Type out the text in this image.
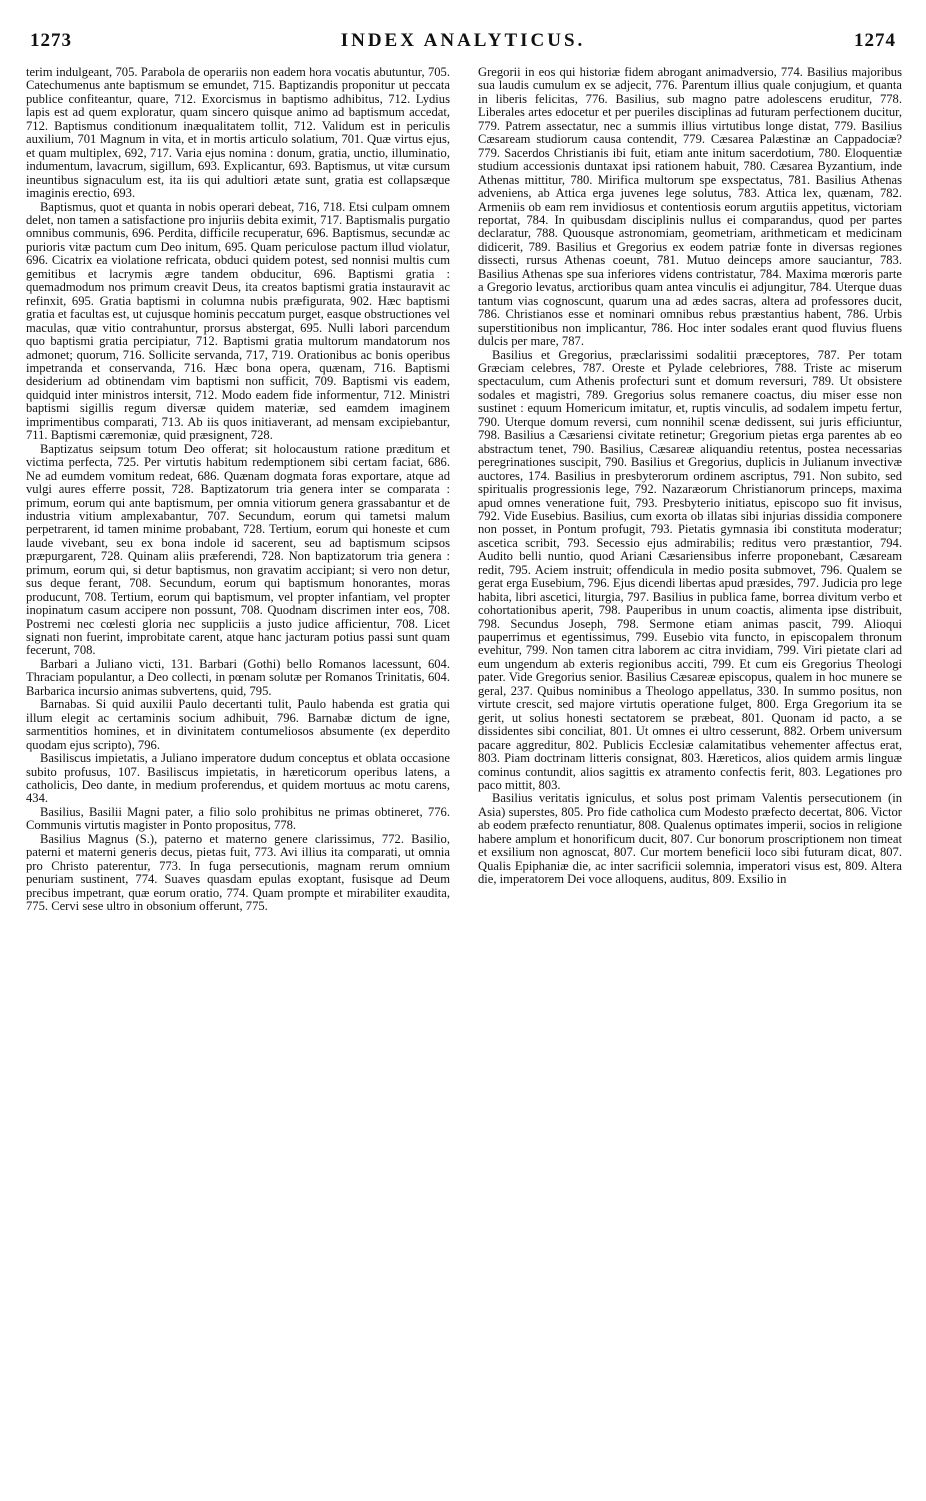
1273	INDEX ANALYTICUS.	1274

terim indulgeant, 705. Parabola de operariis non eadem hora vocatis abutuntur, 705. Catechumenus ante baptismum se emundet, 715. Baptizandis proponitur ut peccata publice confiteantur, quare, 712. Exorcismus in baptismo adhibitus, 712. Lydius lapis est ad quem exploratur, quam sincero quisque animo ad baptismum accedat, 712. Baptismus conditionum inæqualitatem tollit, 712. Validum est in periculis auxilium, 701 Magnum in vita, et in mortis articulo solatium, 701. Quæ virtus ejus, et quam multiplex, 692, 717. Varia ejus nomina : donum, gratia, unctio, illuminatio, indumentum, lavacrum, sigillum, 693. Explicantur, 693. Baptismus, ut vitæ cursum ineuntibus signaculum est, ita iis qui adultiori ætate sunt, gratia est collapsæque imaginis erectio, 693.

Baptismus, quot et quanta in nobis operari debeat, 716, 718. Etsi culpam omnem delet, non tamen a satisfactione pro injuriis debita eximit, 717. Baptismalis purgatio omnibus communis, 696. Perdita, difficile recuperatur, 696. Baptismus, secundæ ac purioris vitæ pactum cum Deo initum, 695. Quam periculose pactum illud violatur, 696. Cicatrix ea violatione refricata, obduci quidem potest, sed nonnisi multis cum gemitibus et lacrymis ægre tandem obducitur, 696. Baptismi gratia : quemadmodum nos primum creavit Deus, ita creatos baptismi gratia instauravit ac refinxit, 695. Gratia baptismi in columna nubis præfigurata, 902. Hæc baptismi gratia et facultas est, ut cujusque hominis peccatum purget, easque obstructiones vel maculas, quæ vitio contrahuntur, prorsus abstergat, 695. Nulli labori parcendum quo baptismi gratia percipiatur, 712. Baptismi gratia multorum mandatorum nos admonet; quorum, 716. Sollicite servanda, 717, 719. Orationibus ac bonis operibus impetranda et conservanda, 716. Hæc bona opera, quænam, 716. Baptismi desiderium ad obtinendam vim baptismi non sufficit, 709. Baptismi vis eadem, quidquid inter ministros intersit, 712. Modo eadem fide informentur, 712. Ministri baptismi sigillis regum diversæ quidem materiæ, sed eamdem imaginem imprimentibus comparati, 713. Ab iis quos initiaverant, ad mensam excipiebantur, 711. Baptismi cæremoniæ, quid præsignent, 728.

Baptizatus seipsum totum Deo offerat; sit holocaustum ratione præditum et victima perfecta, 725. Per virtutis habitum redemptionem sibi certam faciat, 686. Ne ad eumdem vomitum redeat, 686. Quænam dogmata foras exportare, atque ad vulgi aures efferre possit, 728. Baptizatorum tria genera inter se comparata : primum, eorum qui ante baptismum, per omnia vitiorum genera grassabantur et de industria vitium amplexabantur, 707. Secundum, eorum qui tametsi malum perpetrarent, id tamen minime probabant, 728. Tertium, eorum qui honeste et cum laude vivebant, seu ex bona indole id sacerent, seu ad baptismum scipsos præpurgarent, 728. Quinam aliis præferendi, 728. Non baptizatorum tria genera : primum, eorum qui, si detur baptismus, non gravatim accipiant; si vero non detur, sus deque ferant, 708. Secundum, eorum qui baptismum honorantes, moras producunt, 708. Tertium, eorum qui baptismum, vel propter infantiam, vel propter inopinatum casum accipere non possunt, 708. Quodnam discrimen inter eos, 708. Postremi nec cœlesti gloria nec suppliciis a justo judice afficientur, 708. Licet signati non fuerint, improbitate carent, atque hanc jacturam potius passi sunt quam fecerunt, 708.

Barbari a Juliano victi, 131. Barbari (Gothi) bello Romanos lacessunt, 604. Thraciam populantur, a Deo collecti, in pœnam solutæ per Romanos Trinitatis, 604. Barbarica incursio animas subvertens, quid, 795.

Barnabas. Si quid auxilii Paulo decertanti tulit, Paulo habenda est gratia qui illum elegit ac certaminis socium adhibuit, 796. Barnabæ dictum de igne, sarmentitios homines, et in divinitatem contumeliosos absumente (ex deperdito quodam ejus scripto), 796.

Basiliscus impietatis, a Juliano imperatore dudum conceptus et oblata occasione subito profusus, 107. Basiliscus impietatis, in hæreticorum operibus latens, a catholicis, Deo dante, in medium proferendus, et quidem mortuus ac motu carens, 434.

Basilius, Basilii Magni pater, a filio solo prohibitus ne primas obtineret, 776. Communis virtutis magister in Ponto propositus, 778.

Basilius Magnus (S.), paterno et materno genere clarissimus, 772. Basilio, paterni et materni generis decus, pietas fuit, 773. Avi illius ita comparati, ut omnia pro Christo paterentur, 773. In fuga persecutionis, magnam rerum omnium penuriam sustinent, 774. Suaves quasdam epulas exoptant, fusisque ad Deum precibus impetrant, quæ eorum oratio, 774. Quam prompte et mirabiliter exaudita, 775. Cervi sese ultro in obsonium offerunt, 775.

Gregorii in eos qui historiæ fidem abrogant animadversio, 774. Basilius majoribus sua laudis cumulum ex se adjecit, 776. Parentum illius quale conjugium, et quanta in liberis felicitas, 776. Basilius, sub magno patre adolescens eruditur, 778. Liberales artes edocetur et per pueriles disciplinas ad futuram perfectionem ducitur, 779. Patrem assectatur, nec a summis illius virtutibus longe distat, 779. Basilius Cæsaream studiorum causa contendit, 779. Cæsarea Palæstinæ an Cappadociæ? 779. Sacerdos Christianis ibi fuit, etiam ante initum sacerdotium, 780. Eloquentiæ studium accessionis duntaxat ipsi rationem habuit, 780. Cæsarea Byzantium, inde Athenas mittitur, 780. Mirifica multorum spe exspectatus, 781. Basilius Athenas adveniens, ab Attica erga juvenes lege solutus, 783. Attica lex, quænam, 782. Armeniis ob eam rem invidiosus et contentiosis eorum argutiis appetitus, victoriam reportat, 784. In quibusdam disciplinis nullus ei comparandus, quod per partes declaratur, 788. Quousque astronomiam, geometriam, arithmeticam et medicinam didicerit, 789. Basilius et Gregorius ex eodem patriæ fonte in diversas regiones dissecti, rursus Athenas coeunt, 781. Mutuo deinceps amore sauciantur, 783. Basilius Athenas spe sua inferiores videns contristatur, 784. Maxima mœroris parte a Gregorio levatus, arctioribus quam antea vinculis ei adjungitur, 784. Uterque duas tantum vias cognoscunt, quarum una ad ædes sacras, altera ad professores ducit, 786. Christianos esse et nominari omnibus rebus præstantius habent, 786. Urbis superstitionibus non implicantur, 786. Hoc inter sodales erant quod fluvius fluens dulcis per mare, 787.

Basilius et Gregorius, præclarissimi sodalitii præceptores, 787. Per totam Græciam celebres, 787. Oreste et Pylade celebriores, 788. Triste ac miserum spectaculum, cum Athenis profecturi sunt et domum reversuri, 789. Ut obsistere sodales et magistri, 789. Gregorius solus remanere coactus, diu miser esse non sustinet : equum Homericum imitatur, et, ruptis vinculis, ad sodalem impetu fertur, 790. Uterque domum reversi, cum nonnihil scenæ dedissent, sui juris efficiuntur, 798. Basilius a Cæsariensi civitate retinetur; Gregorium pietas erga parentes ab eo abstractum tenet, 790. Basilius, Cæsareæ aliquandiu retentus, postea necessarias peregrinationes suscipit, 790. Basilius et Gregorius, duplicis in Julianum invectivæ auctores, 174. Basilius in presbyterorum ordinem ascriptus, 791. Non subito, sed spiritualis progressionis lege, 792. Nazaræorum Christianorum princeps, maxima apud omnes veneratione fuit, 793. Presbyterio initiatus, episcopo suo fit invisus, 792. Vide Eusebius. Basilius, cum exorta ob illatas sibi injurias dissidia componere non posset, in Pontum profugit, 793. Pietatis gymnasia ibi constituta moderatur; ascetica scribit, 793. Secessio ejus admirabilis; reditus vero præstantior, 794. Audito belli nuntio, quod Ariani Cæsariensibus inferre proponebant, Cæsaream redit, 795. Aciem instruit; offendicula in medio posita submovet, 796. Qualem se gerat erga Eusebium, 796. Ejus dicendi libertas apud præsides, 797. Judicia pro lege habita, libri ascetici, liturgia, 797. Basilius in publica fame, borrea divitum verbo et cohortationibus aperit, 798. Pauperibus in unum coactis, alimenta ipse distribuit, 798. Secundus Joseph, 798. Sermone etiam animas pascit, 799. Alioqui pauperrimus et egentissimus, 799. Eusebio vita functo, in episcopalem thronum evehitur, 799. Non tamen citra laborem ac citra invidiam, 799. Viri pietate clari ad eum ungendum ab exteris regionibus acciti, 799. Et cum eis Gregorius Theologi pater. Vide Gregorius senior. Basilius Cæsareæ episcopus, qualem in hoc munere se geral, 237. Quibus nominibus a Theologo appellatus, 330. In summo positus, non virtute crescit, sed majore virtutis operatione fulget, 800. Erga Gregorium ita se gerit, ut solius honesti sectatorem se præbeat, 801. Quonam id pacto, a se dissidentes sibi conciliat, 801. Ut omnes ei ultro cesserunt, 882. Orbem universum pacare aggreditur, 802. Publicis Ecclesiæ calamitatibus vehementer affectus erat, 803. Piam doctrinam litteris consignat, 803. Hæreticos, alios quidem armis linguæ cominus contundit, alios sagittis ex atramento confectis ferit, 803. Legationes pro paco mittit, 803.

Basilius veritatis igniculus, et solus post primam Valentis persecutionem (in Asia) superstes, 805. Pro fide catholica cum Modesto præfecto decertat, 806. Victor ab eodem præfecto renuntiatur, 808. Qualenus optimates imperii, socios in religione habere amplum et honorificum ducit, 807. Cur bonorum proscriptionem non timeat et exsilium non agnoscat, 807. Cur mortem beneficii loco sibi futuram dicat, 807. Qualis Epiphaniæ die, ac inter sacrificii solemnia, imperatori visus est, 809. Altera die, imperatorem Dei voce alloquens, auditus, 809. Exsilio in
